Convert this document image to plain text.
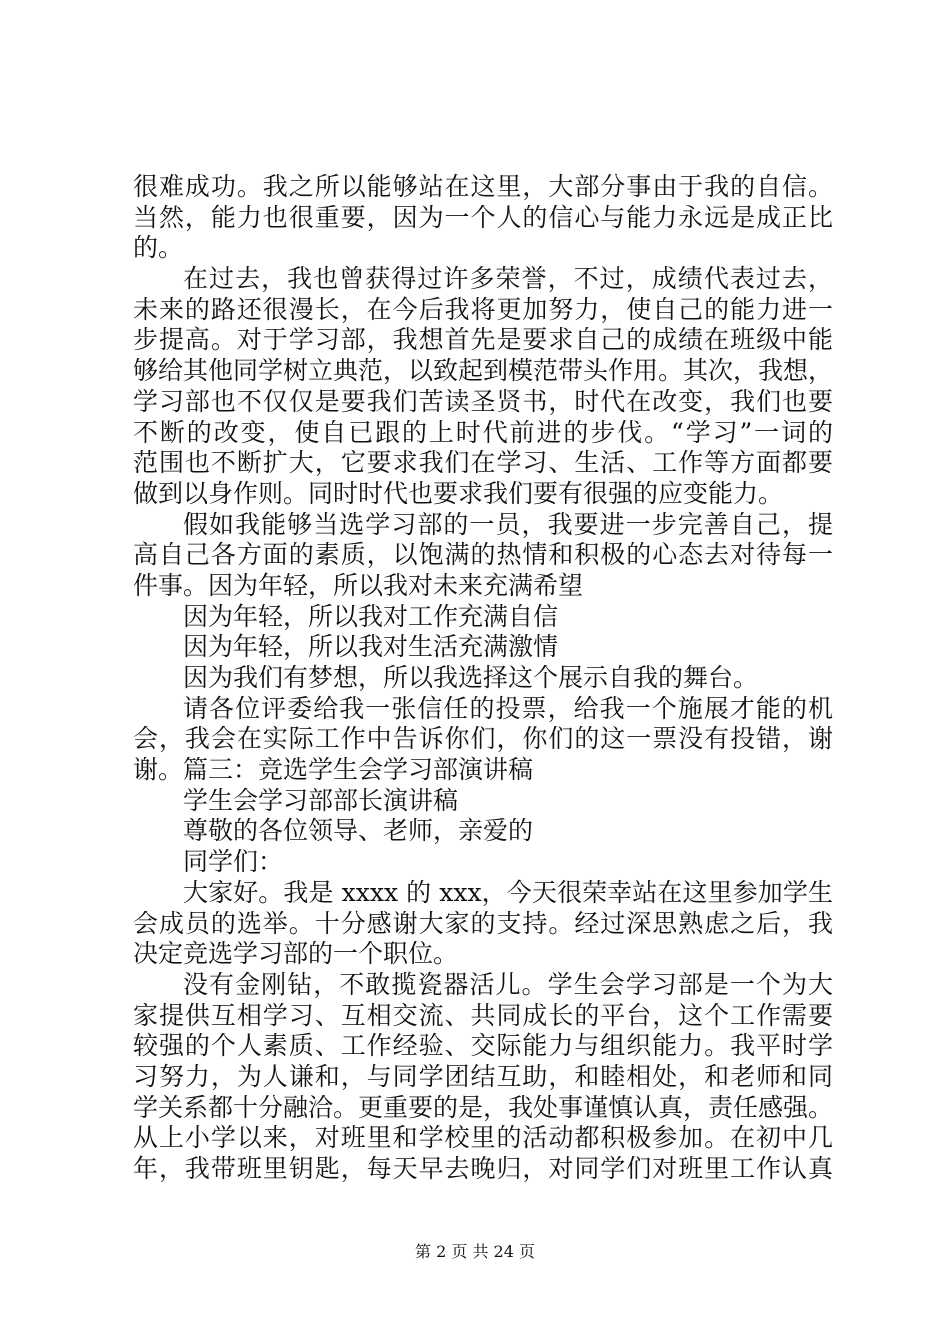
很难成功。我之所以能够站在这里，大部分事由于我的自信。
当然，能力也很重要，因为一个人的信心与能力永远是成正比
的。
在过去，我也曾获得过许多荣誉，不过，成绩代表过去，
未来的路还很漫长，在今后我将更加努力，使自己的能力进一
步提高。对于学习部，我想首先是要求自己的成绩在班级中能
够给其他同学树立典范，以致起到模范带头作用。其次，我想，
学习部也不仅仅是要我们苦读圣贤书，时代在改变，我们也要
不断的改变，使自已跟的上时代前进的步伐。“学习”一词的
范围也不断扩大，它要求我们在学习、生活、工作等方面都要
做到以身作则。同时时代也要求我们要有很强的应变能力。
假如我能够当选学习部的一员，我要进一步完善自己，提
高自己各方面的素质，以饱满的热情和积极的心态去对待每一
件事。因为年轻，所以我对未来充满希望
因为年轻，所以我对工作充满自信
因为年轻，所以我对生活充满激情
因为我们有梦想，所以我选择这个展示自我的舞台。
请各位评委给我一张信任的投票，给我一个施展才能的机
会，我会在实际工作中告诉你们，你们的这一票没有投错，谢
谢。篇三：竞选学生会学习部演讲稿
学生会学习部部长演讲稿
尊敬的各位领导、老师，亲爱的
同学们：
大家好。我是 xxxx 的 xxx，今天很荣幸站在这里参加学生
会成员的选举。十分感谢大家的支持。经过深思熟虑之后，我
决定竞选学习部的一个职位。
没有金刚钻，不敢揽瓷器活儿。学生会学习部是一个为大
家提供互相学习、互相交流、共同成长的平台，这个工作需要
较强的个人素质、工作经验、交际能力与组织能力。我平时学
习努力，为人谦和，与同学团结互助，和睦相处，和老师和同
学关系都十分融洽。更重要的是，我处事谨慎认真，责任感强。
从上小学以来，对班里和学校里的活动都积极参加。在初中几
年，我带班里钥匙，每天早去晚归，对同学们对班里工作认真
第 2 页 共 24 页
